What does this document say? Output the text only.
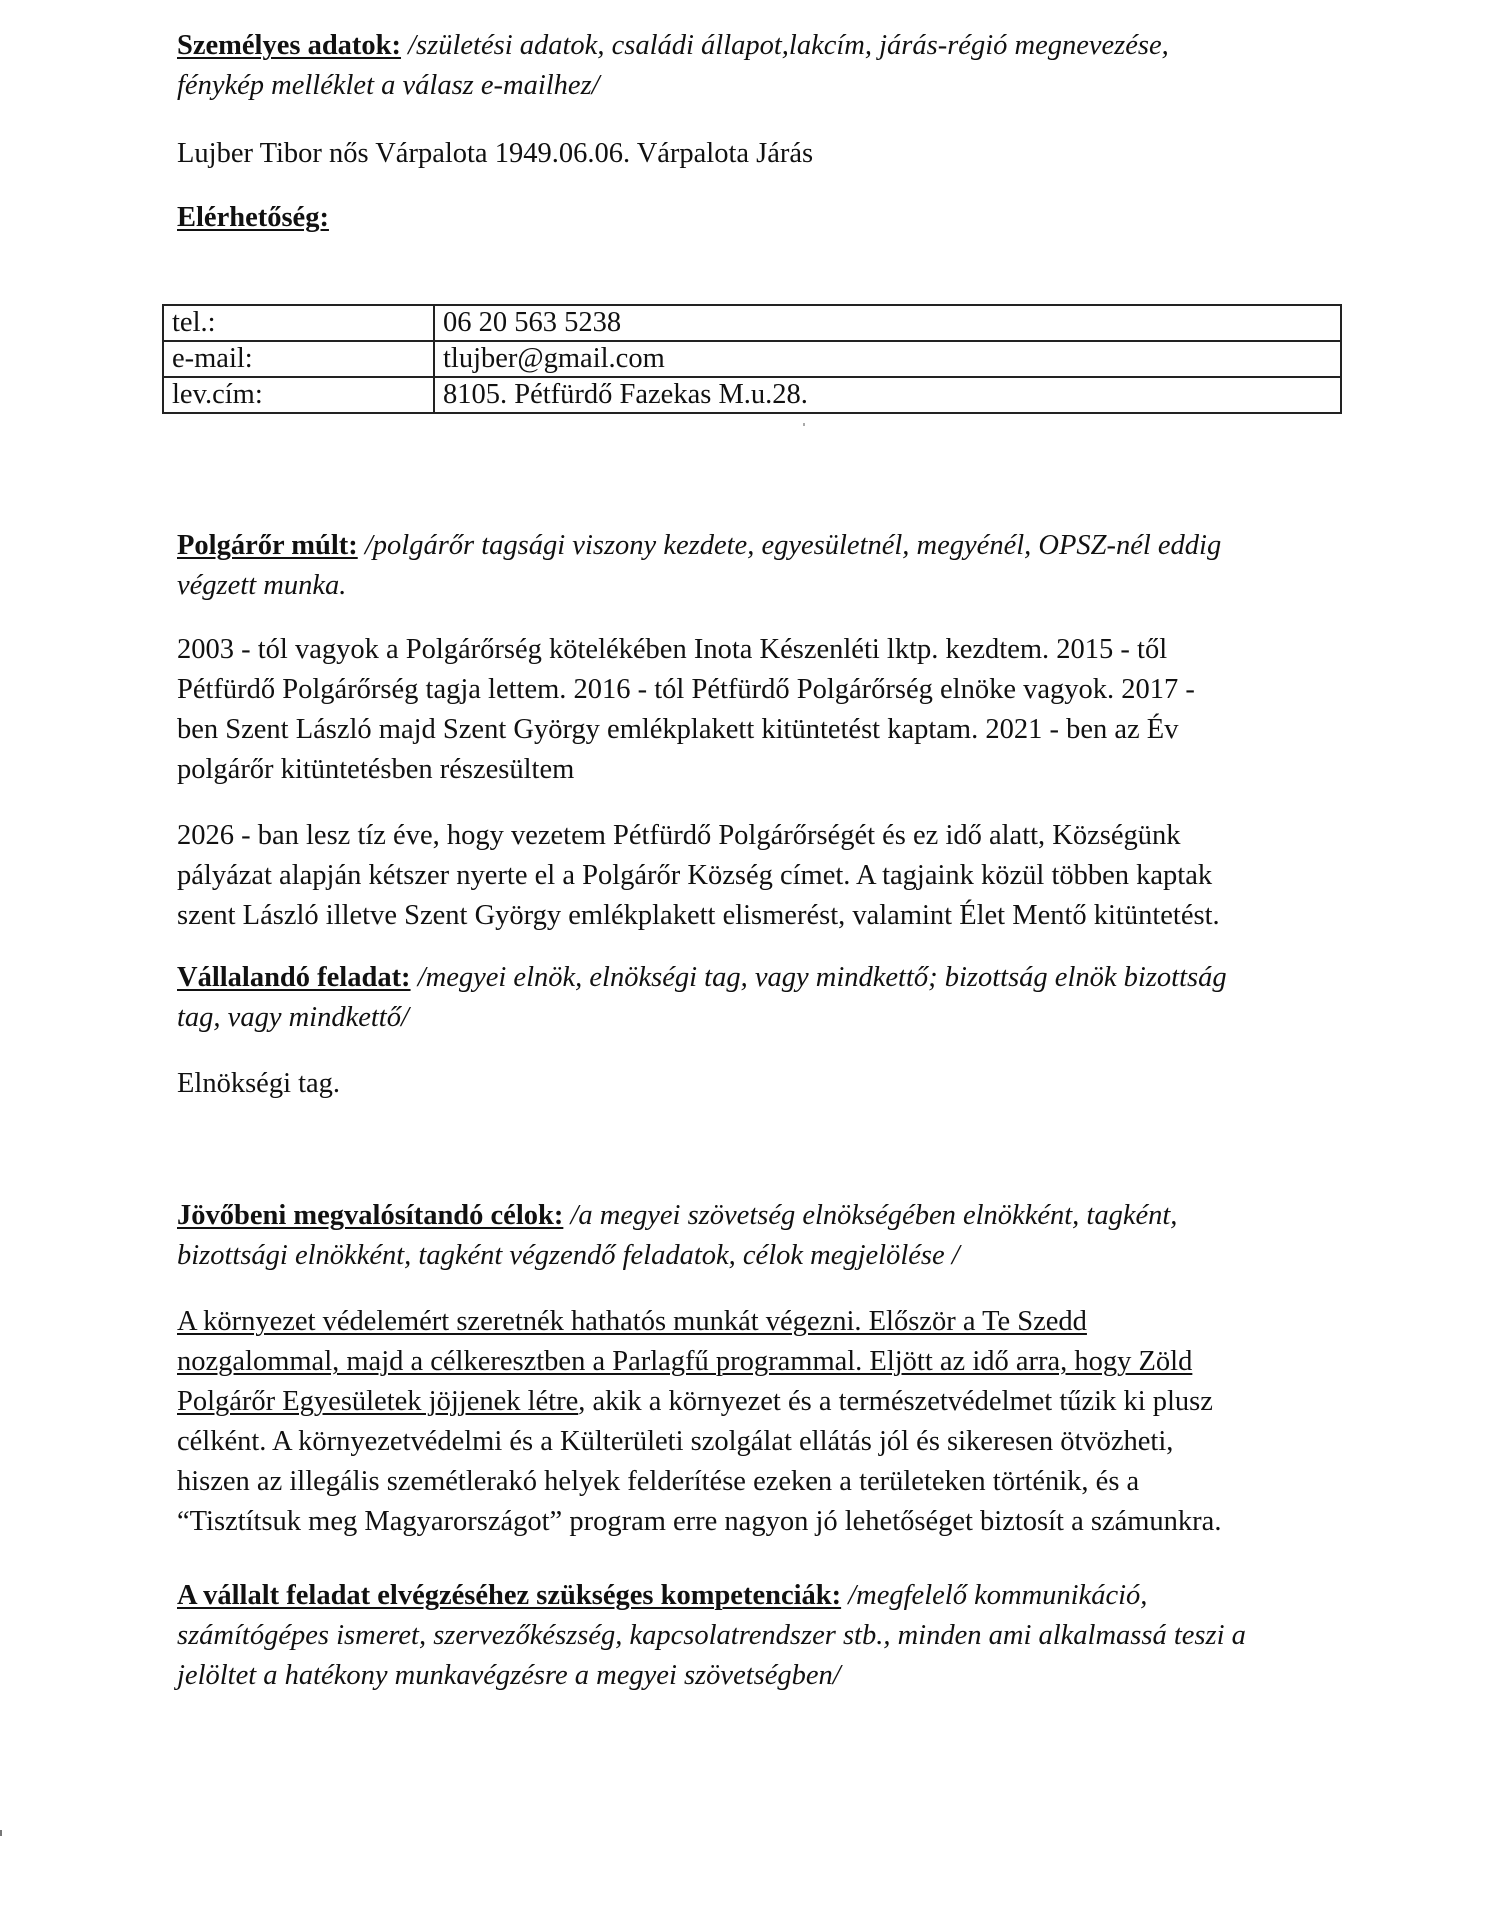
Személyes adatok: /születési adatok, családi állapot,lakcím, járás-régió megnevezése,
fénykép melléklet a válasz e-mailhez/
Lujber Tibor nős Várpalota 1949.06.06. Várpalota Járás
Elérhetőség:
tel.:	06 20 563 5238
e-mail:	tlujber@gmail.com
lev.cím:	8105. Pétfürdő Fazekas M.u.28.
Polgárőr múlt: /polgárőr tagsági viszony kezdete, egyesületnél, megyénél, OPSZ-nél eddig
végzett munka.
2003 - tól vagyok a Polgárőrség kötelékében Inota Készenléti lktp. kezdtem. 2015 - től
Pétfürdő Polgárőrség tagja lettem. 2016 - tól Pétfürdő Polgárőrség elnöke vagyok. 2017 -
ben Szent László majd Szent György emlékplakett kitüntetést kaptam. 2021 - ben az Év
polgárőr kitüntetésben részesültem
2026 - ban lesz tíz éve, hogy vezetem Pétfürdő Polgárőrségét és ez idő alatt, Községünk
pályázat alapján kétszer nyerte el a Polgárőr Község címet. A tagjaink közül többen kaptak
szent László illetve Szent György emlékplakett elismerést, valamint Élet Mentő kitüntetést.
Vállalandó feladat: /megyei elnök, elnökségi tag, vagy mindkettő; bizottság elnök bizottság
tag, vagy mindkettő/
Elnökségi tag.
Jövőbeni megvalósítandó célok: /a megyei szövetség elnökségében elnökként, tagként,
bizottsági elnökként, tagként végzendő feladatok, célok megjelölése /
A környezet védelemért szeretnék hathatós munkát végezni. Először a Te Szedd
nozgalommal, majd a célkeresztben a Parlagfű programmal. Eljött az idő arra, hogy Zöld
Polgárőr Egyesületek jöjjenek létre, akik a környezet és a természetvédelmet tűzik ki plusz
célként. A környezetvédelmi és a Külterületi szolgálat ellátás jól és sikeresen ötvözheti,
hiszen az illegális szemétlerakó helyek felderítése ezeken a területeken történik, és a
“Tisztítsuk meg Magyarországot” program erre nagyon jó lehetőséget biztosít a számunkra.
A vállalt feladat elvégzéséhez szükséges kompetenciák: /megfelelő kommunikáció,
számítógépes ismeret, szervezőkészség, kapcsolatrendszer stb., minden ami alkalmassá teszi a
jelöltet a hatékony munkavégzésre a megyei szövetségben/
